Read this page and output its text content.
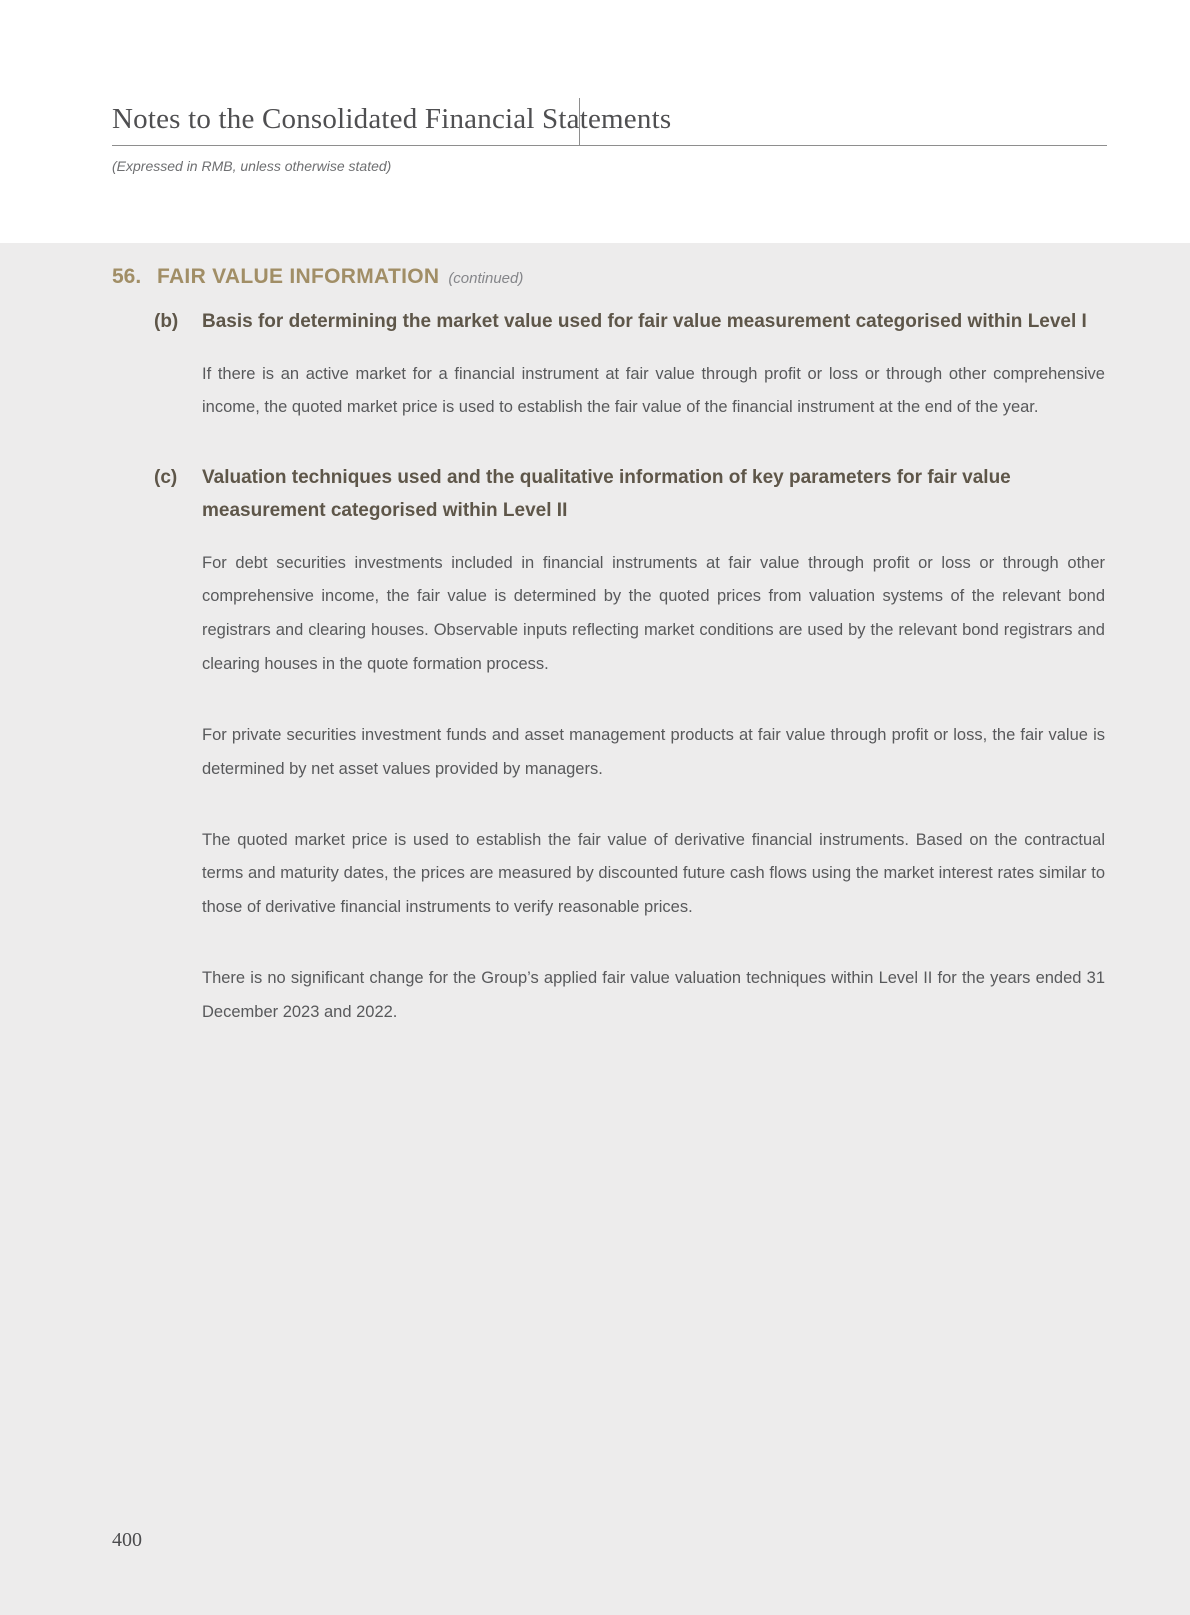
Notes to the Consolidated Financial Statements
(Expressed in RMB, unless otherwise stated)
56. FAIR VALUE INFORMATION (continued)
(b)	Basis for determining the market value used for fair value measurement categorised within Level I

If there is an active market for a financial instrument at fair value through profit or loss or through other comprehensive income, the quoted market price is used to establish the fair value of the financial instrument at the end of the year.

(c)	Valuation techniques used and the qualitative information of key parameters for fair value measurement categorised within Level II

For debt securities investments included in financial instruments at fair value through profit or loss or through other comprehensive income, the fair value is determined by the quoted prices from valuation systems of the relevant bond registrars and clearing houses. Observable inputs reflecting market conditions are used by the relevant bond registrars and clearing houses in the quote formation process.

For private securities investment funds and asset management products at fair value through profit or loss, the fair value is determined by net asset values provided by managers.

The quoted market price is used to establish the fair value of derivative financial instruments. Based on the contractual terms and maturity dates, the prices are measured by discounted future cash flows using the market interest rates similar to those of derivative financial instruments to verify reasonable prices.

There is no significant change for the Group’s applied fair value valuation techniques within Level II for the years ended 31 December 2023 and 2022.

400
